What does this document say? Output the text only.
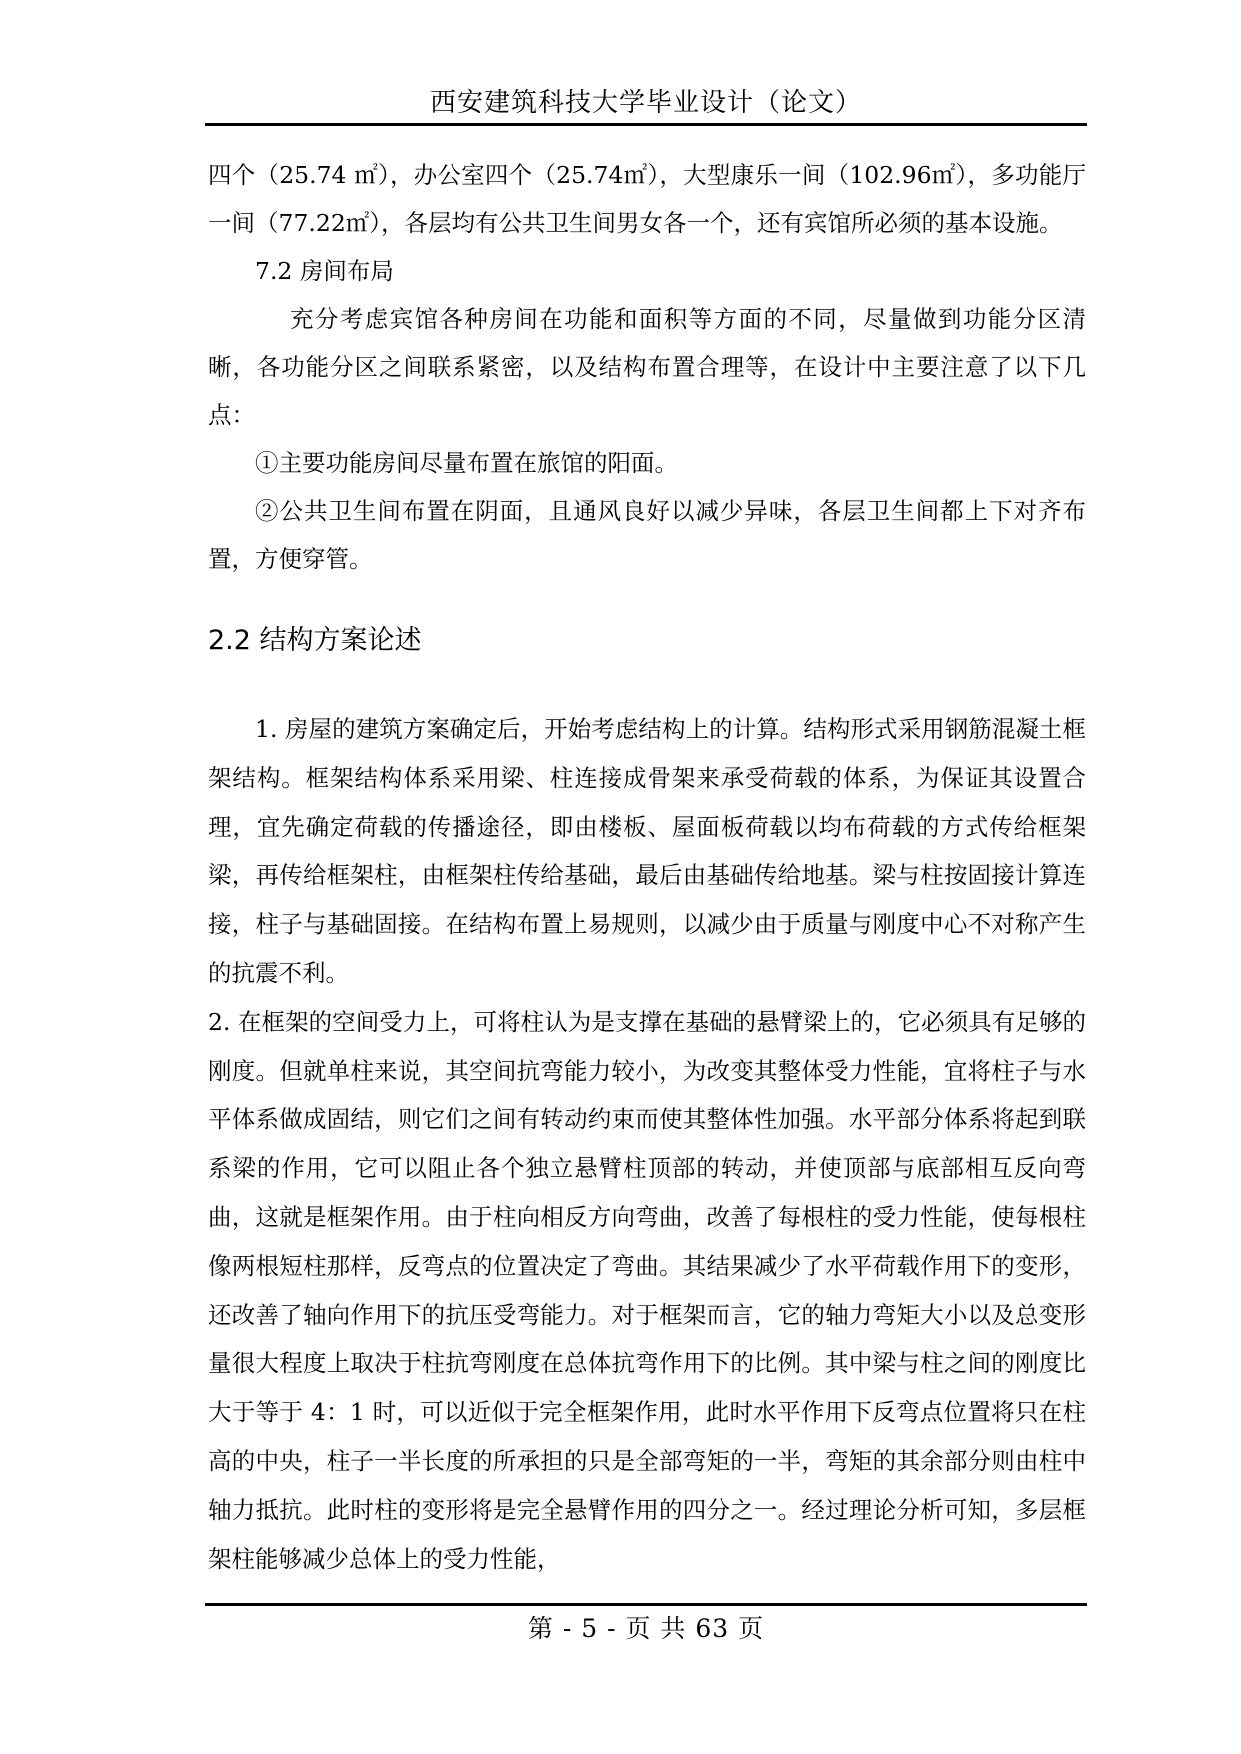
西安建筑科技大学毕业设计（论文）

四个（25.74 ㎡），办公室四个（25.74㎡），大型康乐一间（102.96㎡），多功能厅一间（77.22㎡），各层均有公共卫生间男女各一个，还有宾馆所必须的基本设施。

7.2 房间布局

充分考虑宾馆各种房间在功能和面积等方面的不同，尽量做到功能分区清晰，各功能分区之间联系紧密，以及结构布置合理等，在设计中主要注意了以下几点：

①主要功能房间尽量布置在旅馆的阳面。

②公共卫生间布置在阴面，且通风良好以减少异味，各层卫生间都上下对齐布置，方便穿管。

2.2 结构方案论述

1. 房屋的建筑方案确定后，开始考虑结构上的计算。结构形式采用钢筋混凝土框架结构。框架结构体系采用梁、柱连接成骨架来承受荷载的体系，为保证其设置合理，宜先确定荷载的传播途径，即由楼板、屋面板荷载以均布荷载的方式传给框架梁，再传给框架柱，由框架柱传给基础，最后由基础传给地基。梁与柱按固接计算连接，柱子与基础固接。在结构布置上易规则，以减少由于质量与刚度中心不对称产生的抗震不利。

2. 在框架的空间受力上，可将柱认为是支撑在基础的悬臂梁上的，它必须具有足够的刚度。但就单柱来说，其空间抗弯能力较小，为改变其整体受力性能，宜将柱子与水平体系做成固结，则它们之间有转动约束而使其整体性加强。水平部分体系将起到联系梁的作用，它可以阻止各个独立悬臂柱顶部的转动，并使顶部与底部相互反向弯曲，这就是框架作用。由于柱向相反方向弯曲，改善了每根柱的受力性能，使每根柱像两根短柱那样，反弯点的位置决定了弯曲。其结果减少了水平荷载作用下的变形，还改善了轴向作用下的抗压受弯能力。对于框架而言，它的轴力弯矩大小以及总变形量很大程度上取决于柱抗弯刚度在总体抗弯作用下的比例。其中梁与柱之间的刚度比大于等于 4：1 时，可以近似于完全框架作用，此时水平作用下反弯点位置将只在柱高的中央，柱子一半长度的所承担的只是全部弯矩的一半，弯矩的其余部分则由柱中轴力抵抗。此时柱的变形将是完全悬臂作用的四分之一。经过理论分析可知，多层框架柱能够减少总体上的受力性能，

第 - 5 - 页 共 63 页
